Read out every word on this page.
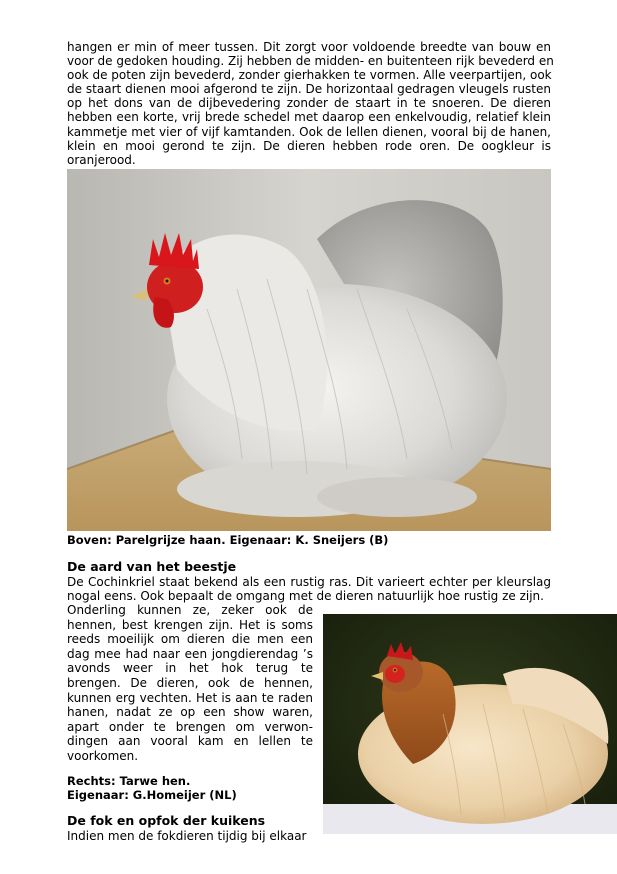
hangen er min of meer tussen. Dit zorgt voor voldoende breedte van bouw en
voor de gedoken houding. Zij hebben de midden- en buitenteen rijk bevederd en
ook de poten zijn bevederd, zonder gierhakken te vormen. Alle veerpartijen, ook
de staart dienen mooi afgerond te zijn. De horizontaal gedragen vleugels rusten
op het dons van de dijbevedering zonder de staart in te snoeren. De dieren
hebben een korte, vrij brede schedel met daarop een enkelvoudig, relatief klein
kammetje met vier of vijf kamtanden. Ook de lellen dienen, vooral bij de hanen,
klein en mooi gerond te zijn. De dieren hebben rode oren. De oogkleur is
oranjerood.

Boven: Parelgrijze haan. Eigenaar: K. Sneijers (B)

De aard van het beestje
De Cochinkriel staat bekend als een rustig ras. Dit varieert echter per kleurslag
nogal eens. Ook bepaalt de omgang met de dieren natuurlijk hoe rustig ze zijn.
Onderling kunnen ze, zeker ook de
hennen, best krengen zijn. Het is soms
reeds moeilijk om dieren die men een
dag mee had naar een jongdierendag ’s
avonds weer in het hok terug te
brengen. De dieren, ook de hennen,
kunnen erg vechten. Het is aan te raden
hanen, nadat ze op een show waren,
apart onder te brengen om verwon-
dingen aan vooral kam en lellen te
voorkomen.
Rechts: Tarwe hen.
Eigenaar: G.Homeijer (NL)
De fok en opfok der kuikens

Indien men de fokdieren tijdig bij elkaar
